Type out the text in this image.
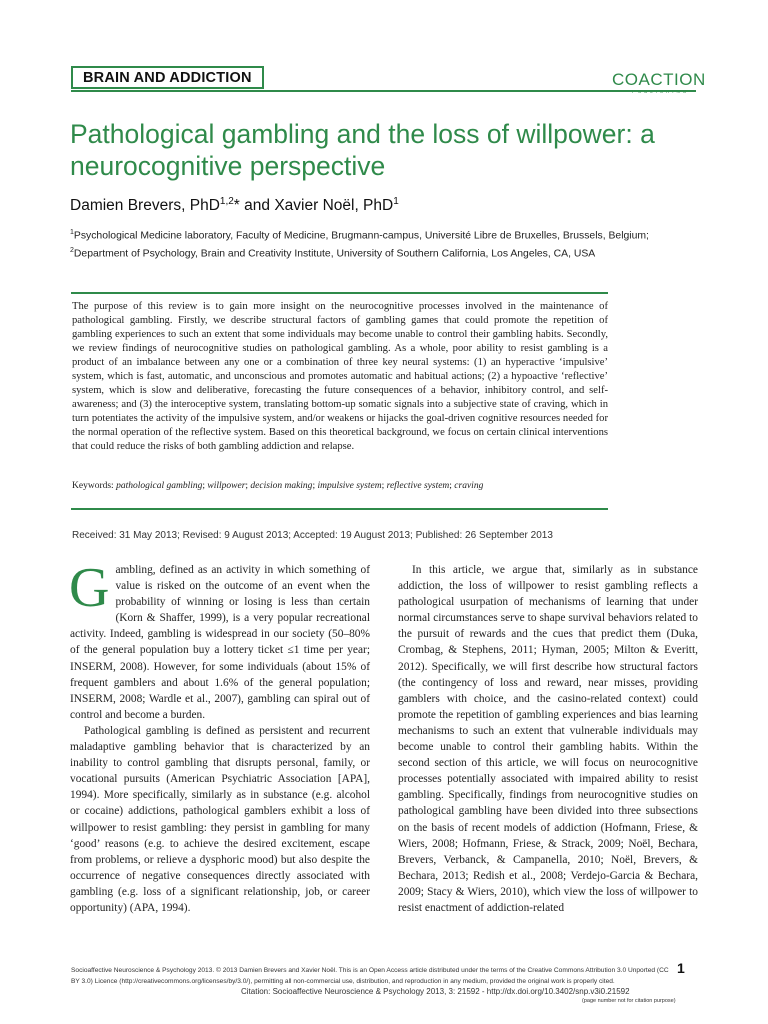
BRAIN AND ADDICTION	COACTION
PUBLISHING
Pathological gambling and the loss of willpower: a neurocognitive perspective
Damien Brevers, PhD$^{1,2}$* and Xavier Noël, PhD$^1$
$^1$Psychological Medicine laboratory, Faculty of Medicine, Brugmann-campus, Université Libre de Bruxelles, Brussels, Belgium; $^2$Department of Psychology, Brain and Creativity Institute, University of Southern California, Los Angeles, CA, USA

The purpose of this review is to gain more insight on the neurocognitive processes involved in the maintenance of pathological gambling. Firstly, we describe structural factors of gambling games that could promote the repetition of gambling experiences to such an extent that some individuals may become unable to control their gambling habits. Secondly, we review findings of neurocognitive studies on pathological gambling. As a whole, poor ability to resist gambling is a product of an imbalance between any one or a combination of three key neural systems: (1) an hyperactive ‘impulsive’ system, which is fast, automatic, and unconscious and promotes automatic and habitual actions; (2) a hypoactive ‘reflective’ system, which is slow and deliberative, forecasting the future consequences of a behavior, inhibitory control, and self-awareness; and (3) the interoceptive system, translating bottom-up somatic signals into a subjective state of craving, which in turn potentiates the activity of the impulsive system, and/or weakens or hijacks the goal-driven cognitive resources needed for the normal operation of the reflective system. Based on this theoretical background, we focus on certain clinical interventions that could reduce the risks of both gambling addiction and relapse.

Keywords: pathological gambling; willpower; decision making; impulsive system; reflective system; craving
Received: 31 May 2013; Revised: 9 August 2013; Accepted: 19 August 2013; Published: 26 September 2013
G ambling, defined as an activity in which something of value is risked on the outcome of an event when the probability of winning or losing is less than certain (Korn & Shaffer, 1999), is a very popular recreational activity. Indeed, gambling is widespread in our society (50–80% of the general population buy a lottery ticket ≤1 time per year; INSERM, 2008). However, for some individuals (about 15% of frequent gamblers and about 1.6% of the general population; INSERM, 2008; Wardle et al., 2007), gambling can spiral out of control and become a burden.

Pathological gambling is defined as persistent and recurrent maladaptive gambling behavior that is characterized by an inability to control gambling that disrupts personal, family, or vocational pursuits (American Psychiatric Association [APA], 1994). More specifically, similarly as in substance (e.g. alcohol or cocaine) addictions, pathological gamblers exhibit a loss of willpower to resist gambling: they persist in gambling for many ‘good’ reasons (e.g. to achieve the desired excitement, escape from problems, or relieve a dysphoric mood) but also despite the occurrence of negative consequences directly associated with gambling (e.g. loss of a significant relationship, job, or career opportunity) (APA, 1994).

In this article, we argue that, similarly as in substance addiction, the loss of willpower to resist gambling reflects a pathological usurpation of mechanisms of learning that under normal circumstances serve to shape survival behaviors related to the pursuit of rewards and the cues that predict them (Duka, Crombag, & Stephens, 2011; Hyman, 2005; Milton & Everitt, 2012). Specifically, we will first describe how structural factors (the contingency of loss and reward, near misses, providing gamblers with choice, and the casino-related context) could promote the repetition of gambling experiences and bias learning mechanisms to such an extent that vulnerable individuals may become unable to control their gambling habits. Within the second section of this article, we will focus on neurocognitive processes potentially associated with impaired ability to resist gambling. Specifically, findings from neurocognitive studies on pathological gambling have been divided into three subsections on the basis of recent models of addiction (Hofmann, Friese, & Wiers, 2008; Hofmann, Friese, & Strack, 2009; Noël, Bechara, Brevers, Verbanck, & Campanella, 2010; Noël, Brevers, & Bechara, 2013; Redish et al., 2008; Verdejo-Garcia & Bechara, 2009; Stacy & Wiers, 2010), which view the loss of willpower to resist enactment of addiction-related

Socioaffective Neuroscience & Psychology 2013. © 2013 Damien Brevers and Xavier Noël. This is an Open Access article distributed under the terms of the Creative Commons Attribution 3.0 Unported (CC BY 3.0) Licence (http://creativecommons.org/licenses/by/3.0/), permitting all non-commercial use, distribution, and reproduction in any medium, provided the original work is properly cited.
Citation: Socioaffective Neuroscience & Psychology 2013, 3: 21592 - http://dx.doi.org/10.3402/snp.v3i0.21592
1
(page number not for citation purpose)
